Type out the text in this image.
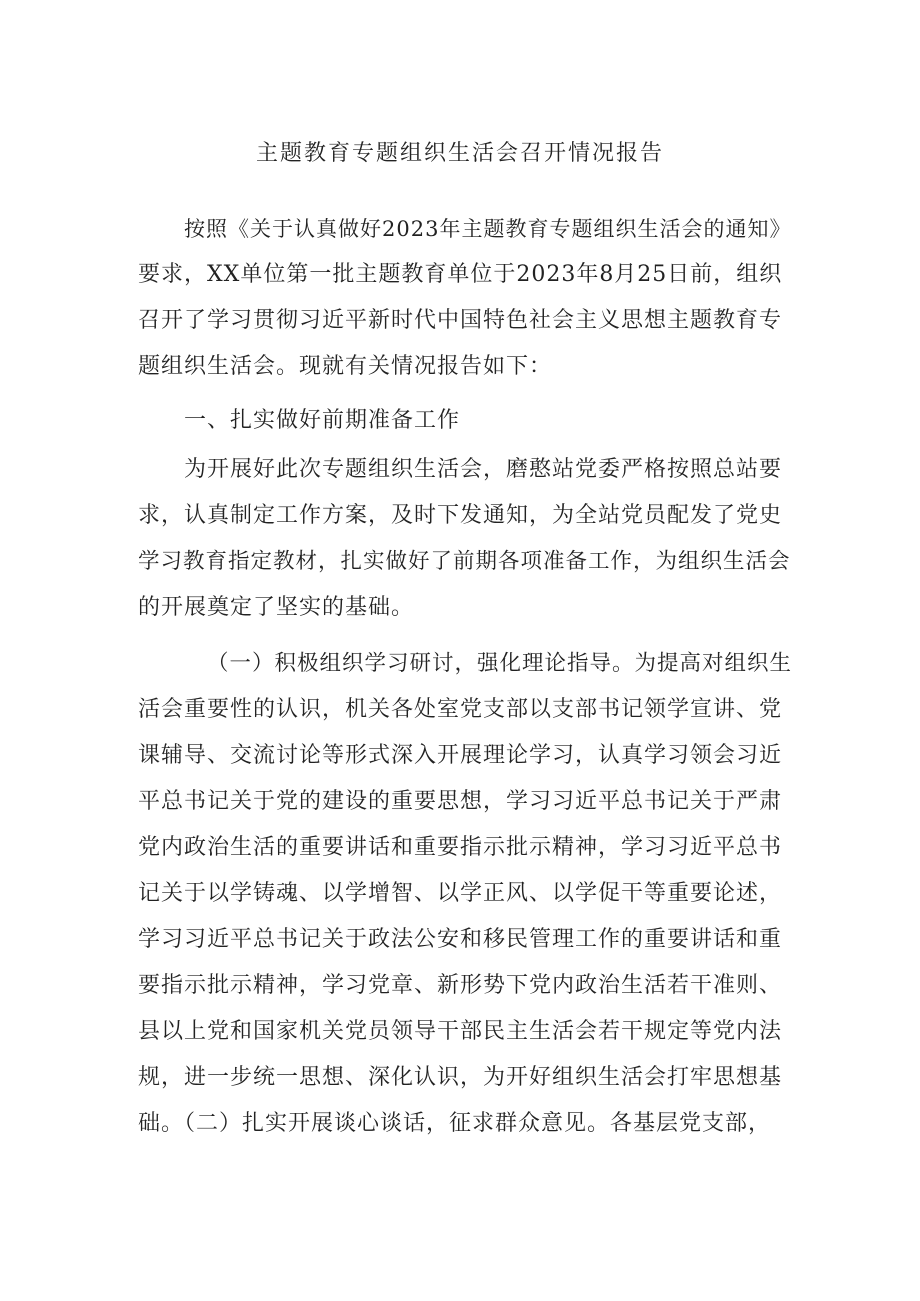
主题教育专题组织生活会召开情况报告
按照《关于认真做好2023年主题教育专题组织生活会的通知》
要求，XX单位第一批主题教育单位于2023年8月25日前，组织
召开了学习贯彻习近平新时代中国特色社会主义思想主题教育专
题组织生活会。现就有关情况报告如下：
一、扎实做好前期准备工作
为开展好此次专题组织生活会，磨憨站党委严格按照总站要
求，认真制定工作方案，及时下发通知，为全站党员配发了党史
学习教育指定教材，扎实做好了前期各项准备工作，为组织生活会
的开展奠定了坚实的基础。
（一）积极组织学习研讨，强化理论指导。为提高对组织生
活会重要性的认识，机关各处室党支部以支部书记领学宣讲、党
课辅导、交流讨论等形式深入开展理论学习，认真学习领会习近
平总书记关于党的建设的重要思想，学习习近平总书记关于严肃
党内政治生活的重要讲话和重要指示批示精神，学习习近平总书
记关于以学铸魂、以学增智、以学正风、以学促干等重要论述，
学习习近平总书记关于政法公安和移民管理工作的重要讲话和重
要指示批示精神，学习党章、新形势下党内政治生活若干准则、
县以上党和国家机关党员领导干部民主生活会若干规定等党内法
规，进一步统一思想、深化认识，为开好组织生活会打牢思想基
础。（二）扎实开展谈心谈话，征求群众意见。各基层党支部，
